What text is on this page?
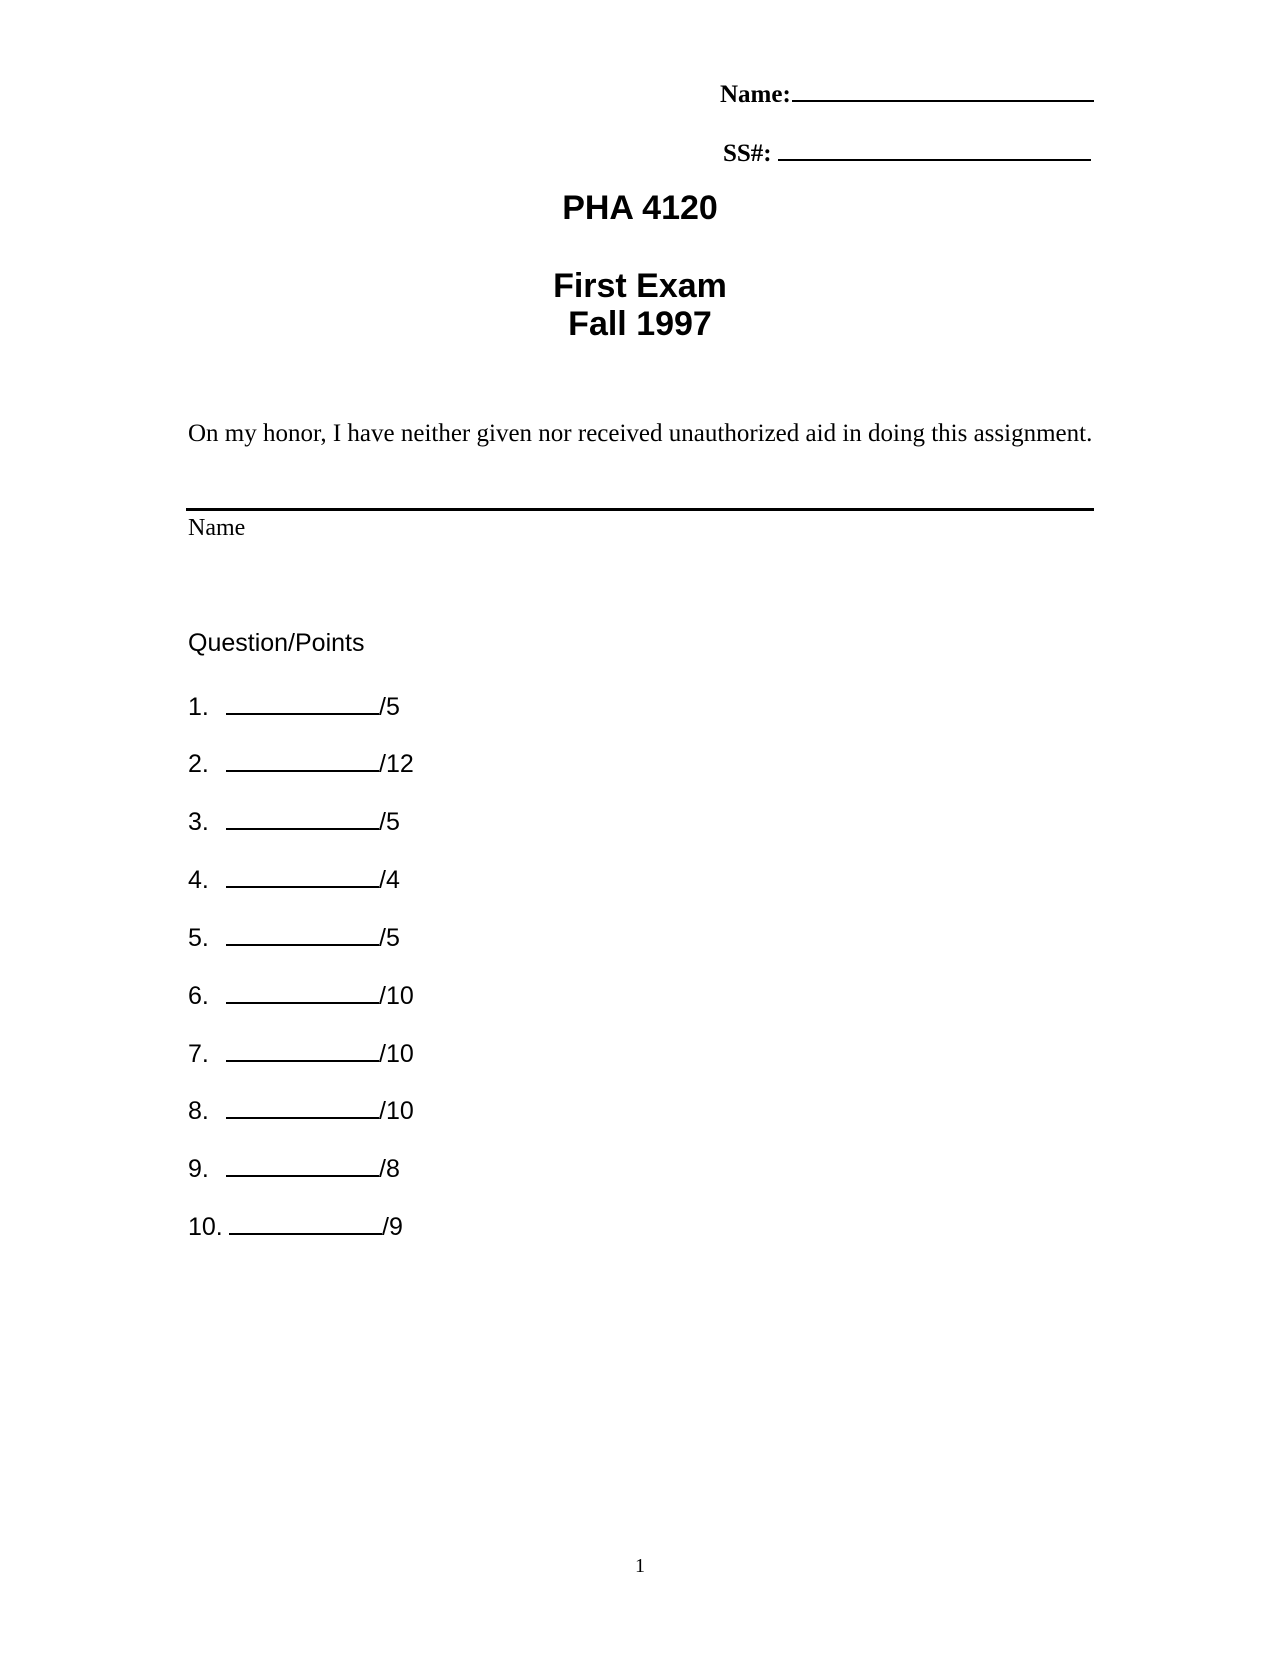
Name:
SS#:
PHA 4120
First Exam
Fall 1997
On my honor, I have neither given nor received unauthorized aid in doing this assignment.
Name
Question/Points
1.	/5
2.	/12
3.	/5
4.	/4
5.	/5
6.	/10
7.	/10
8.	/10
9.	/8
10.	/9
1
